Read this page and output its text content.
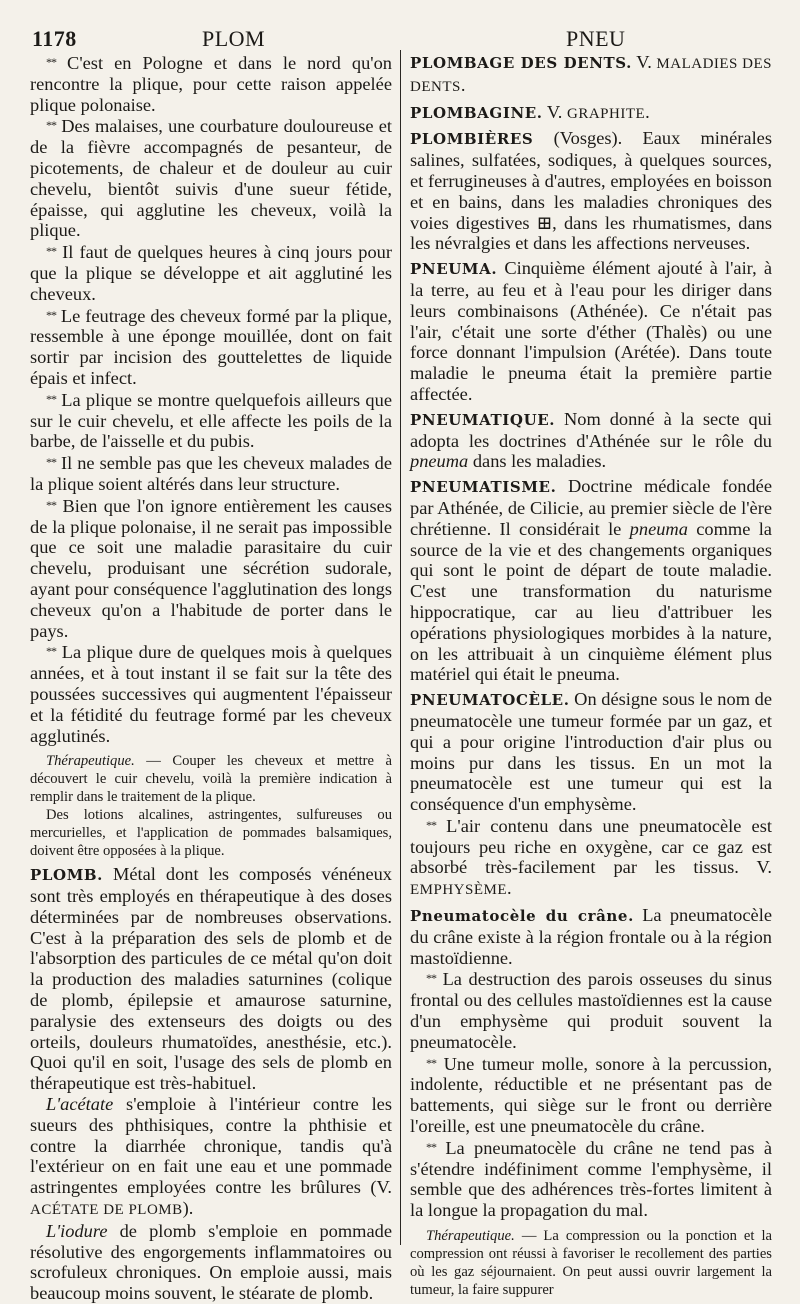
1178	PLOM	PNEU

** C'est en Pologne et dans le nord qu'on rencontre la plique, pour cette raison appelée plique polonaise.

** Des malaises, une courbature douloureuse et de la fièvre accompagnés de pesanteur, de picotements, de chaleur et de douleur au cuir chevelu, bientôt suivis d'une sueur fétide, épaisse, qui agglutine les cheveux, voilà la plique.

** Il faut de quelques heures à cinq jours pour que la plique se développe et ait agglutiné les cheveux.

** Le feutrage des cheveux formé par la plique, ressemble à une éponge mouillée, dont on fait sortir par incision des gouttelettes de liquide épais et infect.

** La plique se montre quelquefois ailleurs que sur le cuir chevelu, et elle affecte les poils de la barbe, de l'aisselle et du pubis.

** Il ne semble pas que les cheveux malades de la plique soient altérés dans leur structure.

** Bien que l'on ignore entièrement les causes de la plique polonaise, il ne serait pas impossible que ce soit une maladie parasitaire du cuir chevelu, produisant une sécrétion sudorale, ayant pour conséquence l'agglutination des longs cheveux qu'on a l'habitude de porter dans le pays.

** La plique dure de quelques mois à quelques années, et à tout instant il se fait sur la tête des poussées successives qui augmentent l'épaisseur et la fétidité du feutrage formé par les cheveux agglutinés.

Thérapeutique. — Couper les cheveux et mettre à découvert le cuir chevelu, voilà la première indication à remplir dans le traitement de la plique.

Des lotions alcalines, astringentes, sulfureuses ou mercurielles, et l'application de pommades balsamiques, doivent être opposées à la plique.

PLOMB. Métal dont les composés vénéneux sont très employés en thérapeutique à des doses déterminées par de nombreuses observations. C'est à la préparation des sels de plomb et de l'absorption des particules de ce métal qu'on doit la production des maladies saturnines (colique de plomb, épilepsie et amaurose saturnine, paralysie des extenseurs des doigts ou des orteils, douleurs rhumatoïdes, anesthésie, etc.). Quoi qu'il en soit, l'usage des sels de plomb en thérapeutique est très-habituel.

L'acétate s'emploie à l'intérieur contre les sueurs des phthisiques, contre la phthisie et contre la diarrhée chronique, tandis qu'à l'extérieur on en fait une eau et une pommade astringentes employées contre les brûlures (V. ACÉTATE DE PLOMB).

L'iodure de plomb s'emploie en pommade résolutive des engorgements inflammatoires ou scrofuleux chroniques. On emploie aussi, mais beaucoup moins souvent, le stéarate de plomb.

PLOMBAGE DES DENTS. V. MALADIES DES DENTS.

PLOMBAGINE. V. GRAPHITE.

PLOMBIÈRES (Vosges). Eaux minérales salines, sulfatées, sodiques, à quelques sources, et ferrugineuses à d'autres, employées en boisson et en bains, dans les maladies chroniques des voies digestives ⊞, dans les rhumatismes, dans les névralgies et dans les affections nerveuses.

PNEUMA. Cinquième élément ajouté à l'air, à la terre, au feu et à l'eau pour les diriger dans leurs combinaisons (Athénée). Ce n'était pas l'air, c'était une sorte d'éther (Thalès) ou une force donnant l'impulsion (Arétée). Dans toute maladie le pneuma était la première partie affectée.

PNEUMATIQUE. Nom donné à la secte qui adopta les doctrines d'Athénée sur le rôle du pneuma dans les maladies.

PNEUMATISME. Doctrine médicale fondée par Athénée, de Cilicie, au premier siècle de l'ère chrétienne. Il considérait le pneuma comme la source de la vie et des changements organiques qui sont le point de départ de toute maladie. C'est une transformation du naturisme hippocratique, car au lieu d'attribuer les opérations physiologiques morbides à la nature, on les attribuait à un cinquième élément plus matériel qui était le pneuma.

PNEUMATOCÈLE. On désigne sous le nom de pneumatocèle une tumeur formée par un gaz, et qui a pour origine l'introduction d'air plus ou moins pur dans les tissus. En un mot la pneumatocèle est une tumeur qui est la conséquence d'un emphysème.

** L'air contenu dans une pneumatocèle est toujours peu riche en oxygène, car ce gaz est absorbé très-facilement par les tissus. V. EMPHYSÈME.

Pneumatocèle du crâne. La pneumatocèle du crâne existe à la région frontale ou à la région mastoïdienne.

** La destruction des parois osseuses du sinus frontal ou des cellules mastoïdiennes est la cause d'un emphysème qui produit souvent la pneumatocèle.

** Une tumeur molle, sonore à la percussion, indolente, réductible et ne présentant pas de battements, qui siège sur le front ou derrière l'oreille, est une pneumatocèle du crâne.

** La pneumatocèle du crâne ne tend pas à s'étendre indéfiniment comme l'emphysème, il semble que des adhérences très-fortes limitent à la longue la propagation du mal.

Thérapeutique. — La compression ou la ponction et la compression ont réussi à favoriser le recollement des parties où les gaz séjournaient. On peut aussi ouvrir largement la tumeur, la faire suppurer
